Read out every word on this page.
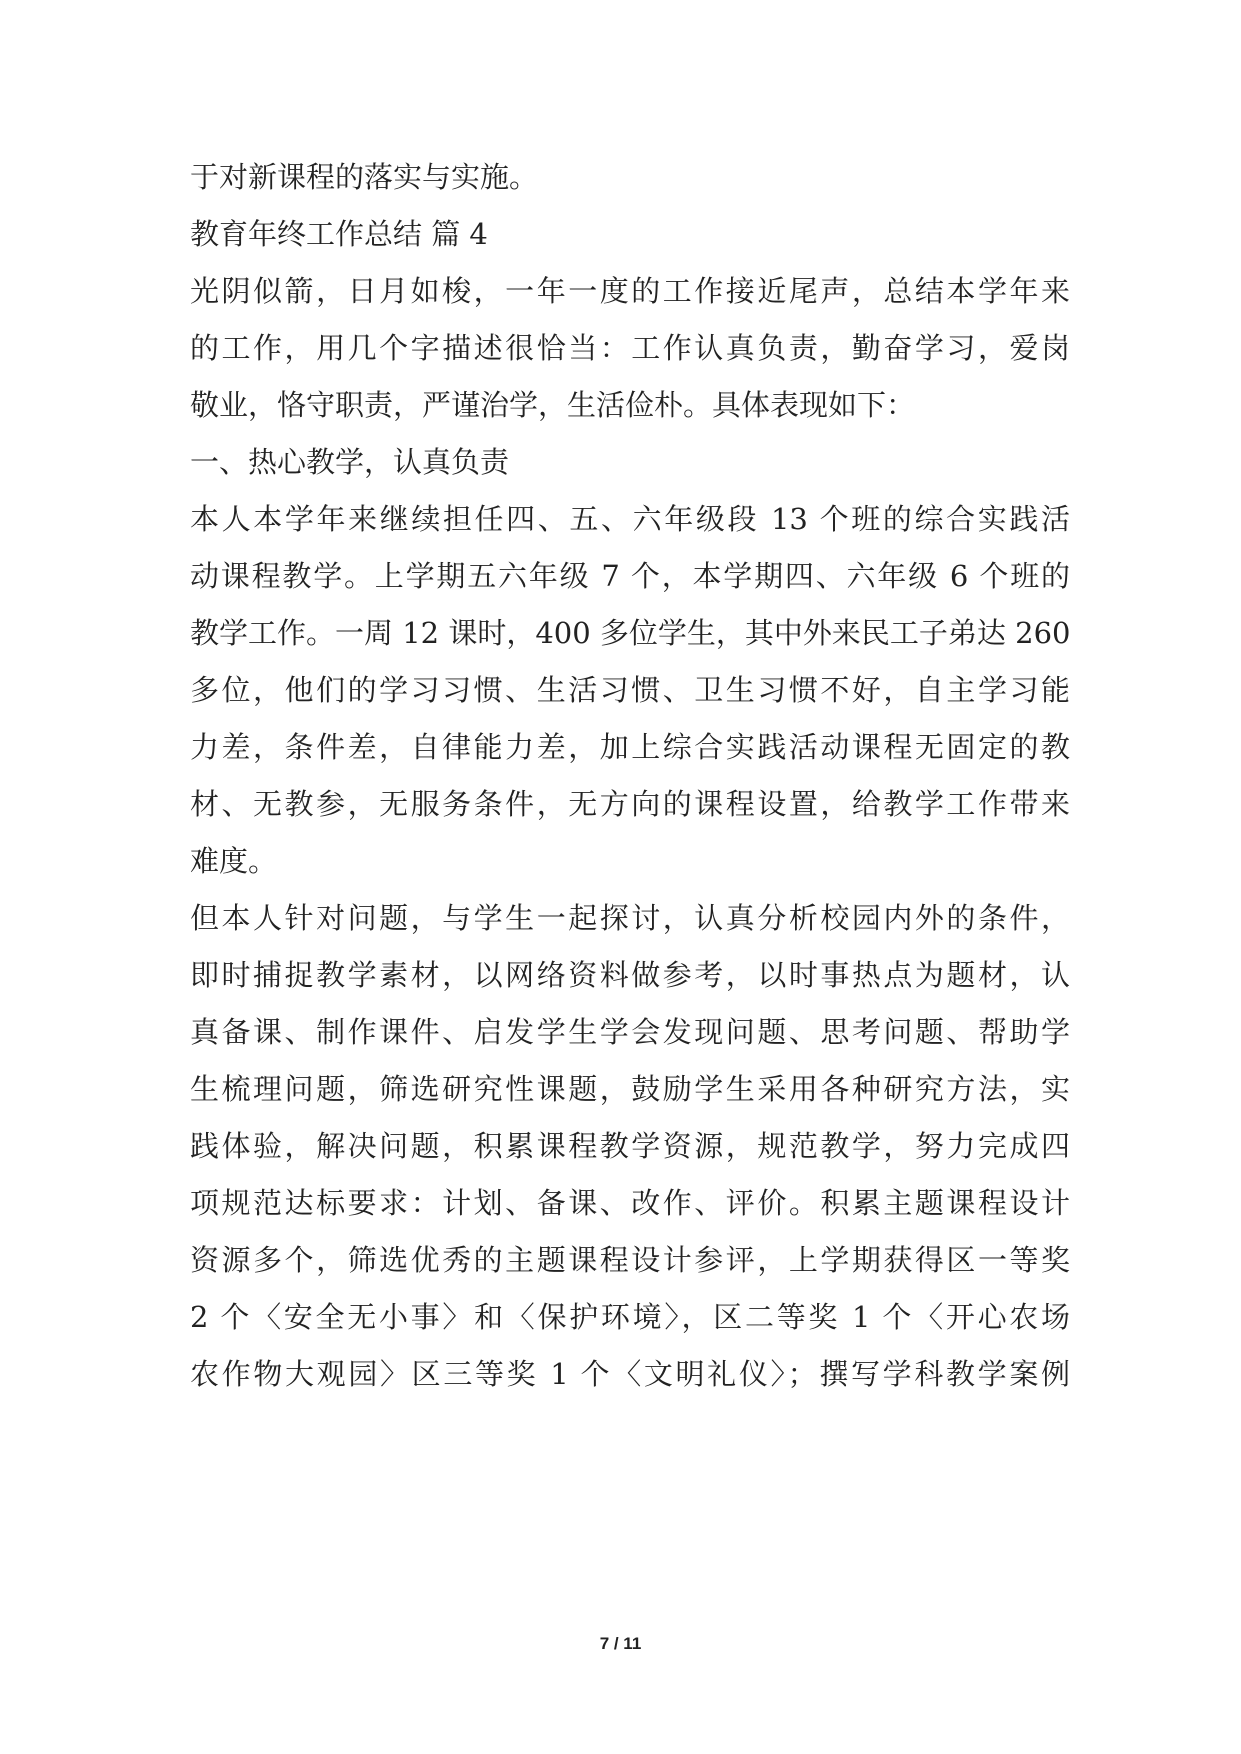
于对新课程的落实与实施。
教育年终工作总结 篇 4
光阴似箭，日月如梭，一年一度的工作接近尾声，总结本学年来
的工作，用几个字描述很恰当：工作认真负责，勤奋学习，爱岗
敬业，恪守职责，严谨治学，生活俭朴。具体表现如下：
一、热心教学，认真负责
本人本学年来继续担任四、五、六年级段 13 个班的综合实践活
动课程教学。上学期五六年级 7 个，本学期四、六年级 6 个班的
教学工作。一周 12 课时，400 多位学生，其中外来民工子弟达 260
多位，他们的学习习惯、生活习惯、卫生习惯不好，自主学习能
力差，条件差，自律能力差，加上综合实践活动课程无固定的教
材、无教参，无服务条件，无方向的课程设置，给教学工作带来
难度。
但本人针对问题，与学生一起探讨，认真分析校园内外的条件，
即时捕捉教学素材，以网络资料做参考，以时事热点为题材，认
真备课、制作课件、启发学生学会发现问题、思考问题、帮助学
生梳理问题，筛选研究性课题，鼓励学生采用各种研究方法，实
践体验，解决问题，积累课程教学资源，规范教学，努力完成四
项规范达标要求：计划、备课、改作、评价。积累主题课程设计
资源多个，筛选优秀的主题课程设计参评，上学期获得区一等奖
2 个〈安全无小事〉和〈保护环境〉，区二等奖 1 个〈开心农场
农作物大观园〉区三等奖 1 个〈文明礼仪〉；撰写学科教学案例
7 / 11
